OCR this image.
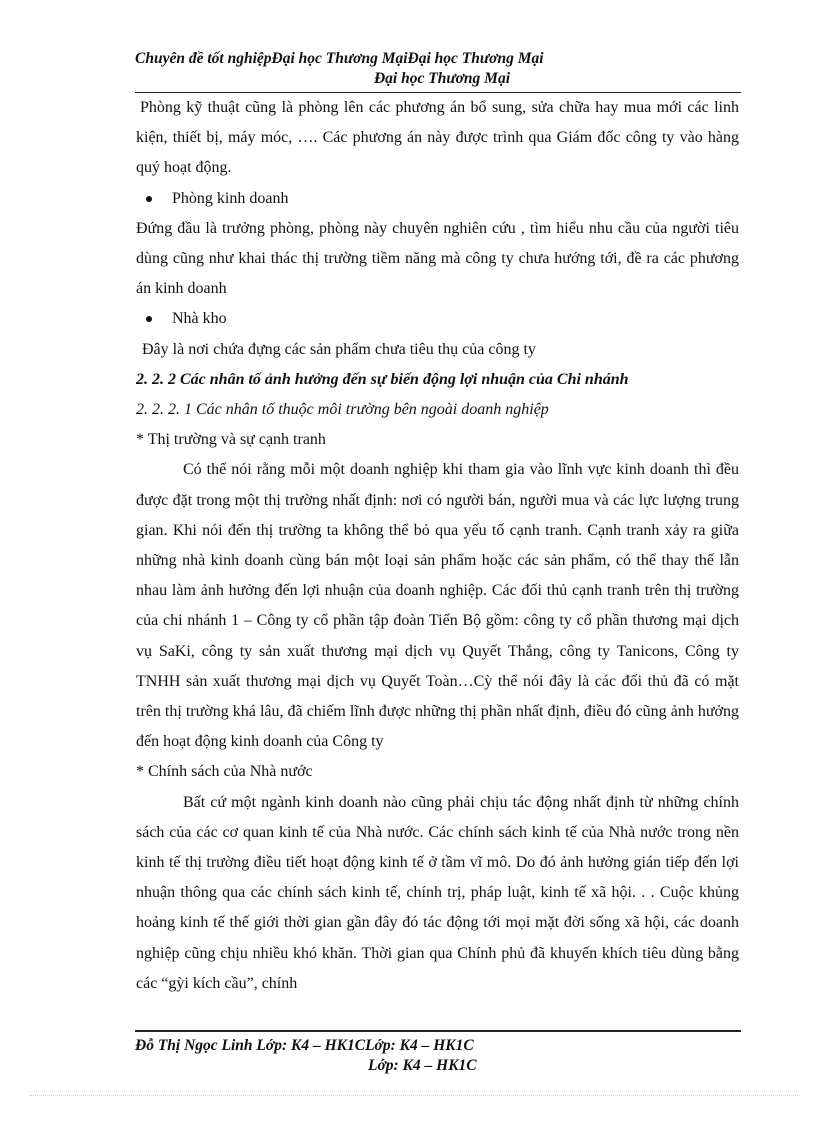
Chuyên đề tốt nghiệpĐại học Thương MạiĐại học Thương Mại
Đại học Thương Mại

Phòng kỹ thuật cũng là phòng lên các phương án bổ sung, sửa chữa hay mua mới các linh kiện, thiết bị, máy móc, …. Các phương án này được trình qua Giám đốc công ty vào hàng quý hoạt động.

Phòng kinh doanh

Đứng đầu là trưởng phòng, phòng này chuyên nghiên cứu , tìm hiểu nhu cầu của người tiêu dùng cũng như khai thác thị trường tiềm năng mà công ty chưa hướng tới, đề ra các phương án kinh doanh

Nhà kho

Đây là nơi chứa đựng các sản phẩm chưa tiêu thụ của công ty

2. 2. 2 Các nhân tố ảnh hưởng đến sự biến động lợi nhuận của Chi nhánh

2. 2. 2. 1 Các nhân tố thuộc môi trường bên ngoài doanh nghiệp

* Thị trường và sự cạnh tranh

Có thể nói rằng mỗi một doanh nghiệp khi tham gia vào lĩnh vực kinh doanh thì đều được đặt trong một thị trường nhất định: nơi có người bán, người mua và các lực lượng trung gian. Khi nói đến thị trường ta không thể bỏ qua yếu tố cạnh tranh. Cạnh tranh xảy ra giữa những nhà kinh doanh cùng bán một loại sản phẩm hoặc các sản phẩm, có thể thay thế lẫn nhau làm ảnh hưởng đến lợi nhuận của doanh nghiệp. Các đối thủ cạnh tranh trên thị trường của chi nhánh 1 – Công ty cổ phần tập đoàn Tiến Bộ gồm: công ty cổ phần thương mại dịch vụ SaKi, công ty sản xuất thương mại dịch vụ Quyết Thắng, công ty Tanicons, Công ty TNHH sản xuất thương mại dịch vụ Quyết Toàn…Cỳ thể nói đây là các đối thủ đã có mặt trên thị trường khá lâu, đã chiếm lĩnh được những thị phần nhất định, điều đó cũng ảnh hưởng đến hoạt động kinh doanh của Công ty

* Chính sách của Nhà nước

Bất cứ một ngành kinh doanh nào cũng phải chịu tác động nhất định từ những chính sách của các cơ quan kinh tế của Nhà nước. Các chính sách kinh tế của Nhà nước trong nền kinh tế thị trường điều tiết hoạt động kinh tế ở tầm vĩ mô. Do đó ảnh hưởng gián tiếp đến lợi nhuận thông qua các chính sách kinh tế, chính trị, pháp luật, kinh tế xã hội. . . Cuộc khủng hoảng kinh tế thế giới thời gian gần đây đó tác động tới mọi mặt đời sống xã hội, các doanh nghiệp cũng chịu nhiều khó khăn. Thời gian qua Chính phủ đã khuyến khích tiêu dùng bằng các “gỳi kích cầu”, chính

Đỗ Thị Ngọc Linh Lớp: K4 – HK1CLớp: K4 – HK1C
Lớp: K4 – HK1C
